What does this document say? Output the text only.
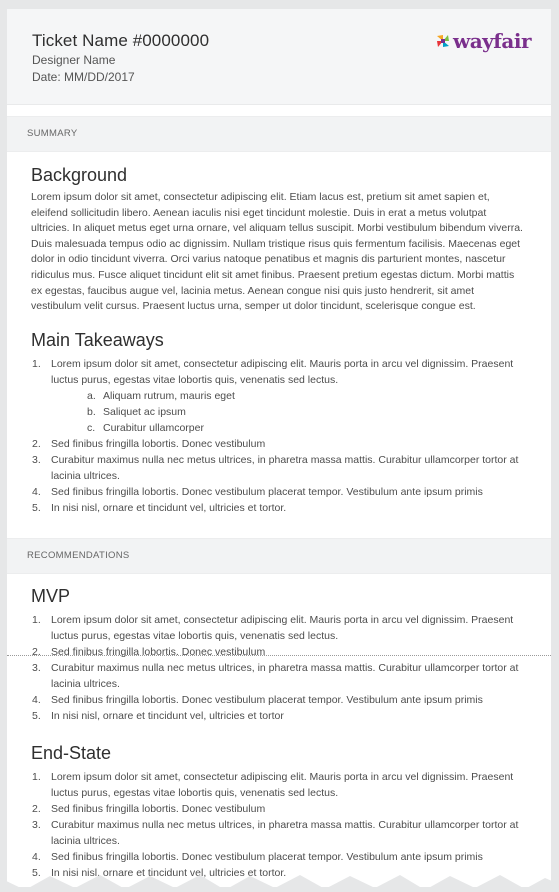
Ticket Name #0000000
Designer Name
Date: MM/DD/2017
wayfair
SUMMARY
Background

Lorem ipsum dolor sit amet, consectetur adipiscing elit. Etiam lacus est, pretium sit amet sapien et, eleifend sollicitudin libero. Aenean iaculis nisi eget tincidunt molestie. Duis in erat a metus volutpat ultricies. In aliquet metus eget urna ornare, vel aliquam tellus suscipit. Morbi vestibulum bibendum viverra. Duis malesuada tempus odio ac dignissim. Nullam tristique risus quis fermentum facilisis. Maecenas eget dolor in odio tincidunt viverra. Orci varius natoque penatibus et magnis dis parturient montes, nascetur ridiculus mus. Fusce aliquet tincidunt elit sit amet finibus. Praesent pretium egestas dictum. Morbi mattis ex egestas, faucibus augue vel, lacinia metus. Aenean congue nisi quis justo hendrerit, sit amet vestibulum velit cursus. Praesent luctus urna, semper ut dolor tincidunt, scelerisque congue est.

Main Takeaways
1. Lorem ipsum dolor sit amet, consectetur adipiscing elit. Mauris porta in arcu vel dignissim. Praesent luctus purus, egestas vitae lobortis quis, venenatis sed lectus.
a. Aliquam rutrum, mauris eget
b. Saliquet ac ipsum
c. Curabitur ullamcorper
2. Sed finibus fringilla lobortis. Donec vestibulum
3. Curabitur maximus nulla nec metus ultrices, in pharetra massa mattis. Curabitur ullamcorper tortor at lacinia ultrices.
4. Sed finibus fringilla lobortis. Donec vestibulum placerat tempor. Vestibulum ante ipsum primis
5. In nisi nisl, ornare et tincidunt vel, ultricies et tortor.
RECOMMENDATIONS
MVP
1. Lorem ipsum dolor sit amet, consectetur adipiscing elit. Mauris porta in arcu vel dignissim. Praesent luctus purus, egestas vitae lobortis quis, venenatis sed lectus.
2. Sed finibus fringilla lobortis. Donec vestibulum
3. Curabitur maximus nulla nec metus ultrices, in pharetra massa mattis. Curabitur ullamcorper tortor at lacinia ultrices.
4. Sed finibus fringilla lobortis. Donec vestibulum placerat tempor. Vestibulum ante ipsum primis
5. In nisi nisl, ornare et tincidunt vel, ultricies et tortor
End-State
1. Lorem ipsum dolor sit amet, consectetur adipiscing elit. Mauris porta in arcu vel dignissim. Praesent luctus purus, egestas vitae lobortis quis, venenatis sed lectus.
2. Sed finibus fringilla lobortis. Donec vestibulum
3. Curabitur maximus nulla nec metus ultrices, in pharetra massa mattis. Curabitur ullamcorper tortor at lacinia ultrices.
4. Sed finibus fringilla lobortis. Donec vestibulum placerat tempor. Vestibulum ante ipsum primis
5. In nisi nisl, ornare et tincidunt vel, ultricies et tortor.
